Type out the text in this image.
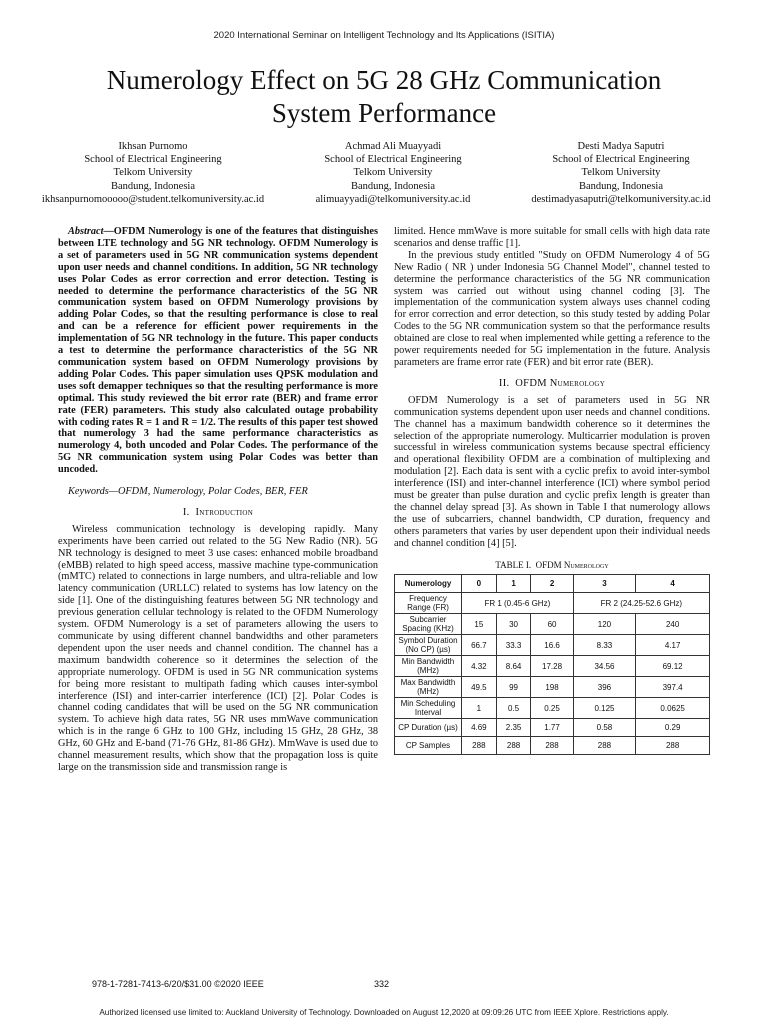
2020 International Seminar on Intelligent Technology and Its Applications (ISITIA)
Numerology Effect on 5G 28 GHz Communication
System Performance
Ikhsan Purnomo
School of Electrical Engineering
Telkom University
Bandung, Indonesia
ikhsanpurnomooooo@student.telkomuniversity.ac.id
Achmad Ali Muayyadi
School of Electrical Engineering
Telkom University
Bandung, Indonesia
alimuayyadi@telkomuniversity.ac.id
Desti Madya Saputri
School of Electrical Engineering
Telkom University
Bandung, Indonesia
destimadyasaputri@telkomuniversity.ac.id

Abstract—OFDM Numerology is one of the features that distinguishes between LTE technology and 5G NR technology. OFDM Numerology is a set of parameters used in 5G NR communication systems dependent upon user needs and channel conditions. In addition, 5G NR technology uses Polar Codes as error correction and error detection. Testing is needed to determine the performance characteristics of the 5G NR communication system based on OFDM Numerology provisions by adding Polar Codes, so that the resulting performance is close to real and can be a reference for efficient power requirements in the implementation of 5G NR technology in the future. This paper conducts a test to determine the performance characteristics of the 5G NR communication system based on OFDM Numerology provisions by adding Polar Codes. This paper simulation uses QPSK modulation and uses soft demapper techniques so that the resulting performance is more optimal. This study reviewed the bit error rate (BER) and frame error rate (FER) parameters. This study also calculated outage probability with coding rates R = 1 and R = 1/2. The results of this paper test showed that numerology 3 had the same performance characteristics as numerology 4, both uncoded and Polar Codes. The performance of the 5G NR communication system using Polar Codes was better than uncoded.

Keywords—OFDM, Numerology, Polar Codes, BER, FER

I. Introduction

Wireless communication technology is developing rapidly. Many experiments have been carried out related to the 5G New Radio (NR). 5G NR technology is designed to meet 3 use cases: enhanced mobile broadband (eMBB) related to high speed access, massive machine type-communication (mMTC) related to connections in large numbers, and ultra-reliable and low latency communication (URLLC) related to systems has low latency on the side [1]. One of the distinguishing features between 5G NR technology and previous generation cellular technology is related to the OFDM Numerology system. OFDM Numerology is a set of parameters allowing the users to communicate by using different channel bandwidths and other parameters dependent upon the user needs and channel condition. The channel has a maximum bandwidth coherence so it determines the selection of the appropriate numerology. OFDM is used in 5G NR communication systems for being more resistant to multipath fading which causes inter-symbol interference (ISI) and inter-carrier interference (ICI) [2]. Polar Codes is channel coding candidates that will be used on the 5G NR communication system. To achieve high data rates, 5G NR uses mmWave communication which is in the range 6 GHz to 100 GHz, including 15 GHz, 28 GHz, 38 GHz, 60 GHz and E-band (71-76 GHz, 81-86 GHz). MmWave is used due to channel measurement results, which show that the propagation loss is quite large on the transmission side and transmission range is

limited. Hence mmWave is more suitable for small cells with high data rate scenarios and dense traffic [1].

In the previous study entitled "Study on OFDM Numerology 4 of 5G New Radio ( NR ) under Indonesia 5G Channel Model", channel tested to determine the performance characteristics of the 5G NR communication system was carried out without using channel coding [3]. The implementation of the communication system always uses channel coding for error correction and error detection, so this study tested by adding Polar Codes to the 5G NR communication system so that the performance results obtained are close to real when implemented while getting a reference to the power requirements needed for 5G implementation in the future. Analysis parameters are frame error rate (FER) and bit error rate (BER).

II. OFDM Numerology

OFDM Numerology is a set of parameters used in 5G NR communication systems dependent upon user needs and channel conditions. The channel has a maximum bandwidth coherence so it determines the selection of the appropriate numerology. Multicarrier modulation is proven successful in wireless communication systems because spectral efficiency and operational flexibility OFDM are a combination of multiplexing and modulation [2]. Each data is sent with a cyclic prefix to avoid inter-symbol interference (ISI) and inter-channel interference (ICI) where symbol period must be greater than pulse duration and cyclic prefix length is greater than the channel delay spread [3]. As shown in Table I that numerology allows the use of subcarriers, channel bandwidth, CP duration, frequency and others parameters that varies by user dependent upon their individual needs and channel condition [4] [5].

TABLE I. OFDM Numerology
Numerology	0	1	2	3	4
Frequency Range (FR)	FR 1 (0.45-6 GHz)			FR 2 (24.25-52.6 GHz)	
Subcarrier Spacing (KHz)	15	30	60	120	240
Symbol Duration (No CP) (µs)	66.7	33.3	16.6	8.33	4.17
Min Bandwidth (MHz)	4.32	8.64	17.28	34.56	69.12
Max Bandwidth (MHz)	49.5	99	198	396	397.4
Min Scheduling Interval	1	0.5	0.25	0.125	0.0625
CP Duration (µs)	4.69	2.35	1.77	0.58	0.29
CP Samples	288	288	288	288	288
978-1-7281-7413-6/20/$31.00 ©2020 IEEE	332
Authorized licensed use limited to: Auckland University of Technology. Downloaded on August 12,2020 at 09:09:26 UTC from IEEE Xplore. Restrictions apply.
